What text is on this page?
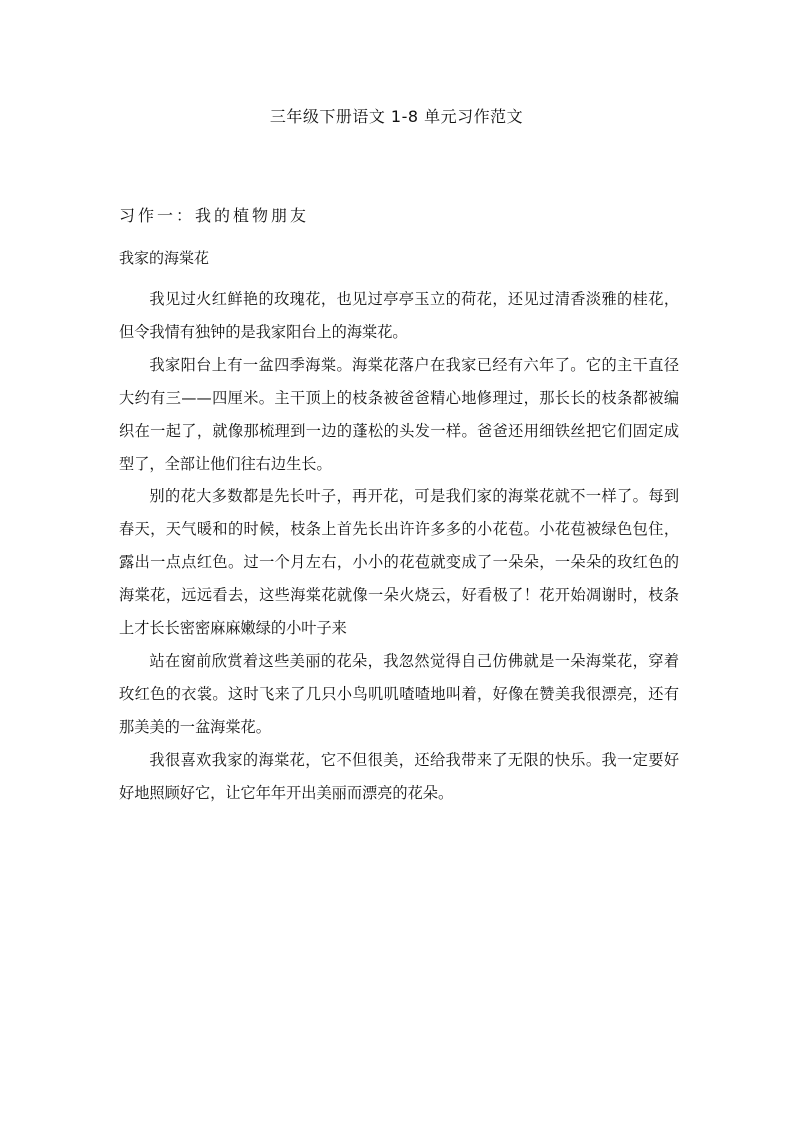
三年级下册语文 1-8 单元习作范文
习作一：我的植物朋友
我家的海棠花

我见过火红鲜艳的玫瑰花，也见过亭亭玉立的荷花，还见过清香淡雅的桂花，但令我情有独钟的是我家阳台上的海棠花。

我家阳台上有一盆四季海棠。海棠花落户在我家已经有六年了。它的主干直径大约有三——四厘米。主干顶上的枝条被爸爸精心地修理过，那长长的枝条都被编织在一起了，就像那梳理到一边的蓬松的头发一样。爸爸还用细铁丝把它们固定成型了，全部让他们往右边生长。

别的花大多数都是先长叶子，再开花，可是我们家的海棠花就不一样了。每到春天，天气暖和的时候，枝条上首先长出许许多多的小花苞。小花苞被绿色包住，露出一点点红色。过一个月左右，小小的花苞就变成了一朵朵，一朵朵的玫红色的海棠花，远远看去，这些海棠花就像一朵火烧云，好看极了！花开始凋谢时，枝条上才长长密密麻麻嫩绿的小叶子来

站在窗前欣赏着这些美丽的花朵，我忽然觉得自己仿佛就是一朵海棠花，穿着玫红色的衣裳。这时飞来了几只小鸟叽叽喳喳地叫着，好像在赞美我很漂亮，还有那美美的一盆海棠花。

我很喜欢我家的海棠花，它不但很美，还给我带来了无限的快乐。我一定要好好地照顾好它，让它年年开出美丽而漂亮的花朵。
